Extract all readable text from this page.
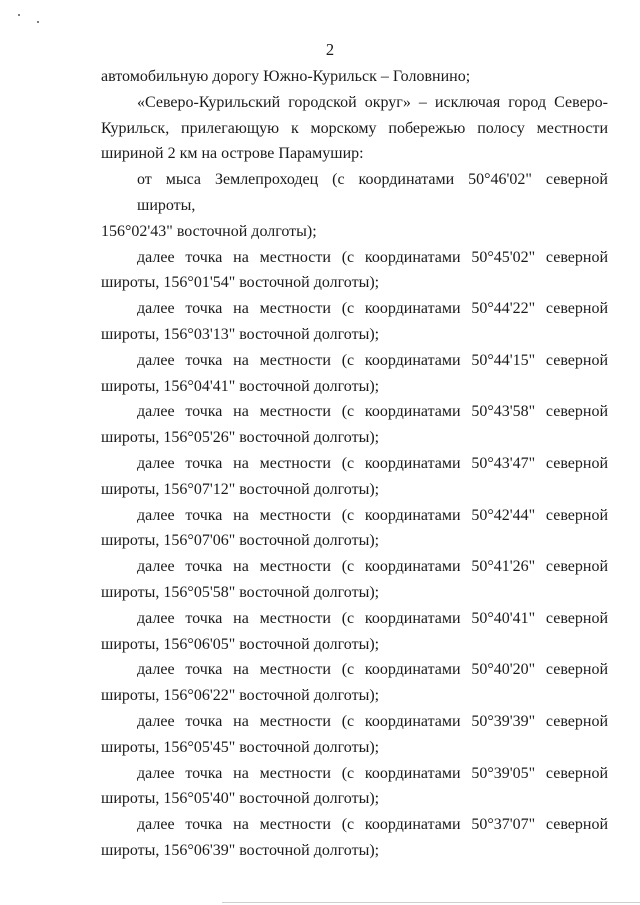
2

автомобильную дорогу Южно-Курильск – Головнино;

«Северо-Курильский городской округ» – исключая город Северо-
Курильск, прилегающую к морскому побережью полосу местности
шириной 2 км на острове Парамушир:

от мыса Землепроходец (с координатами 50°46'02" северной широты,
156°02'43" восточной долготы);

далее точка на местности (с координатами 50°45'02" северной
широты, 156°01'54" восточной долготы);

далее точка на местности (с координатами 50°44'22" северной
широты, 156°03'13" восточной долготы);

далее точка на местности (с координатами 50°44'15" северной
широты, 156°04'41" восточной долготы);

далее точка на местности (с координатами 50°43'58" северной
широты, 156°05'26" восточной долготы);

далее точка на местности (с координатами 50°43'47" северной
широты, 156°07'12" восточной долготы);

далее точка на местности (с координатами 50°42'44" северной
широты, 156°07'06" восточной долготы);

далее точка на местности (с координатами 50°41'26" северной
широты, 156°05'58" восточной долготы);

далее точка на местности (с координатами 50°40'41" северной
широты, 156°06'05" восточной долготы);

далее точка на местности (с координатами 50°40'20" северной
широты, 156°06'22" восточной долготы);

далее точка на местности (с координатами 50°39'39" северной
широты, 156°05'45" восточной долготы);

далее точка на местности (с координатами 50°39'05" северной
широты, 156°05'40" восточной долготы);

далее точка на местности (с координатами 50°37'07" северной
широты, 156°06'39" восточной долготы);
